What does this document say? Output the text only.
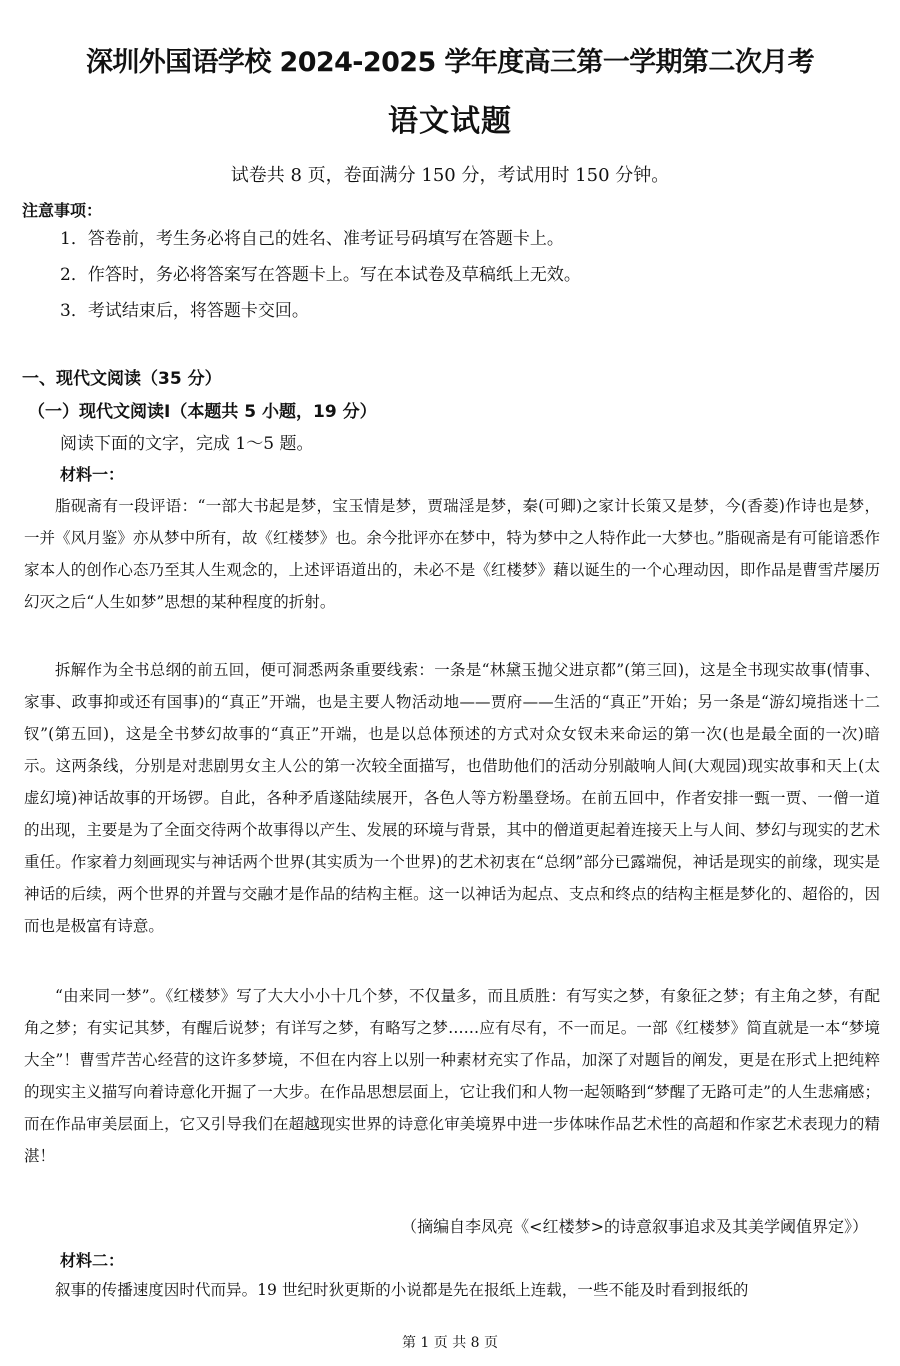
深圳外国语学校 2024-2025 学年度高三第一学期第二次月考
语文试题
试卷共 8 页，卷面满分 150 分，考试用时 150 分钟。
注意事项：
1．答卷前，考生务必将自己的姓名、准考证号码填写在答题卡上。
2．作答时，务必将答案写在答题卡上。写在本试卷及草稿纸上无效。
3．考试结束后，将答题卡交回。
一、现代文阅读（35 分）
（一）现代文阅读Ⅰ（本题共 5 小题，19 分）
阅读下面的文字，完成 1～5 题。
材料一：
脂砚斋有一段评语：“一部大书起是梦，宝玉情是梦，贾瑞淫是梦，秦(可卿)之家计长策又是梦，今(香菱)作诗也是梦，一并《风月鉴》亦从梦中所有，故《红楼梦》也。余今批评亦在梦中，特为梦中之人特作此一大梦也。”脂砚斋是有可能谙悉作家本人的创作心态乃至其人生观念的，上述评语道出的，未必不是《红楼梦》藉以诞生的一个心理动因，即作品是曹雪芹屡历幻灭之后“人生如梦”思想的某种程度的折射。
拆解作为全书总纲的前五回，便可洞悉两条重要线索：一条是“林黛玉抛父进京都”(第三回)，这是全书现实故事(情事、家事、政事抑或还有国事)的“真正”开端，也是主要人物活动地——贾府——生活的“真正”开始；另一条是“游幻境指迷十二钗”(第五回)，这是全书梦幻故事的“真正”开端，也是以总体预述的方式对众女钗未来命运的第一次(也是最全面的一次)暗示。这两条线，分别是对悲剧男女主人公的第一次较全面描写，也借助他们的活动分别敲响人间(大观园)现实故事和天上(太虚幻境)神话故事的开场锣。自此，各种矛盾遂陆续展开，各色人等方粉墨登场。在前五回中，作者安排一甄一贾、一僧一道的出现，主要是为了全面交待两个故事得以产生、发展的环境与背景，其中的僧道更起着连接天上与人间、梦幻与现实的艺术重任。作家着力刻画现实与神话两个世界(其实质为一个世界)的艺术初衷在“总纲”部分已露端倪，神话是现实的前缘，现实是神话的后续，两个世界的并置与交融才是作品的结构主框。这一以神话为起点、支点和终点的结构主框是梦化的、超俗的，因而也是极富有诗意。
“由来同一梦”。《红楼梦》写了大大小小十几个梦，不仅量多，而且质胜：有写实之梦，有象征之梦；有主角之梦，有配角之梦；有实记其梦，有醒后说梦；有详写之梦，有略写之梦……应有尽有，不一而足。一部《红楼梦》简直就是一本“梦境大全”！曹雪芹苦心经营的这许多梦境，不但在内容上以别一种素材充实了作品，加深了对题旨的阐发，更是在形式上把纯粹的现实主义描写向着诗意化开掘了一大步。在作品思想层面上，它让我们和人物一起领略到“梦醒了无路可走”的人生悲痛感；而在作品审美层面上，它又引导我们在超越现实世界的诗意化审美境界中进一步体味作品艺术性的高超和作家艺术表现力的精湛！
（摘编自李凤亮《<红楼梦>的诗意叙事追求及其美学阈值界定》）
材料二：
叙事的传播速度因时代而异。19 世纪时狄更斯的小说都是先在报纸上连载，一些不能及时看到报纸的
第 1 页 共 8 页
